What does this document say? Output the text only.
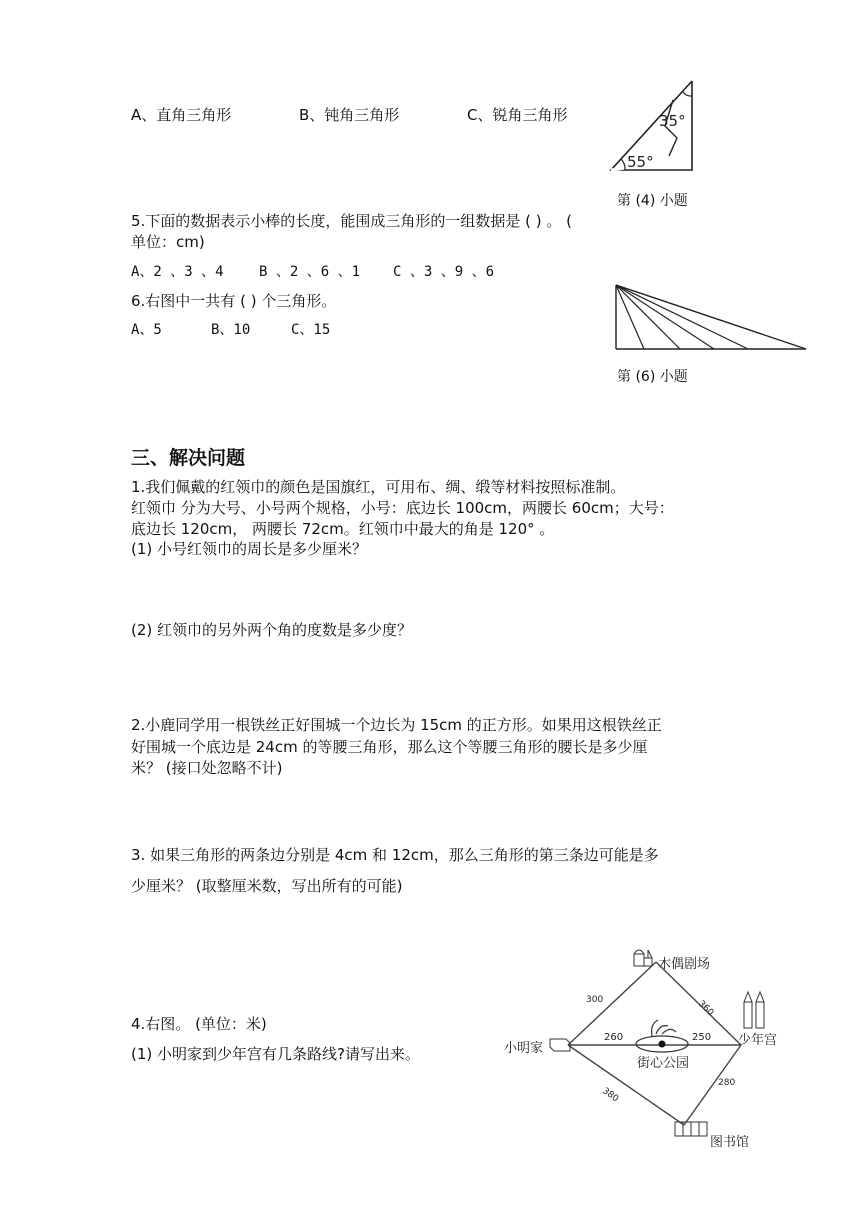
A、直角三角形	B、钝角三角形	C、锐角三角形	35°
55°

第 (4) 小题

5.下面的数据表示小棒的长度，能围成三角形的一组数据是 ( ) 。 (

单位：cm)

A、2 、3 、4	B 、2 、6 、1 C 、3 、9 、6

6.右图中一共有 ( ) 个三角形。

A、5	B、10	C、15

第 (6) 小题

三、解决问题

1.我们佩戴的红领巾的颜色是国旗红，可用布、绸、缎等材料按照标准制。

红领巾 分为大号、小号两个规格，小号：底边长 100cm，两腰长 60cm；大号：

底边长 120cm， 两腰长 72cm。红领巾中最大的角是 120° 。

(1) 小号红领巾的周长是多少厘米？

(2) 红领巾的另外两个角的度数是多少度？

2.小鹿同学用一根铁丝正好围城一个边长为 15cm 的正方形。如果用这根铁丝正

好围城一个底边是 24cm 的等腰三角形，那么这个等腰三角形的腰长是多少厘

米？ (接口处忽略不计)

3. 如果三角形的两条边分别是 4cm 和 12cm，那么三角形的第三条边可能是多

少厘米？ (取整厘米数，写出所有的可能)

4.右图。 (单位：米)

(1) 小明家到少年宫有几条路线?请写出来。

街心公园
木偶剧场
少年宫
小明家
图书馆
300	360
260	250
280
380
